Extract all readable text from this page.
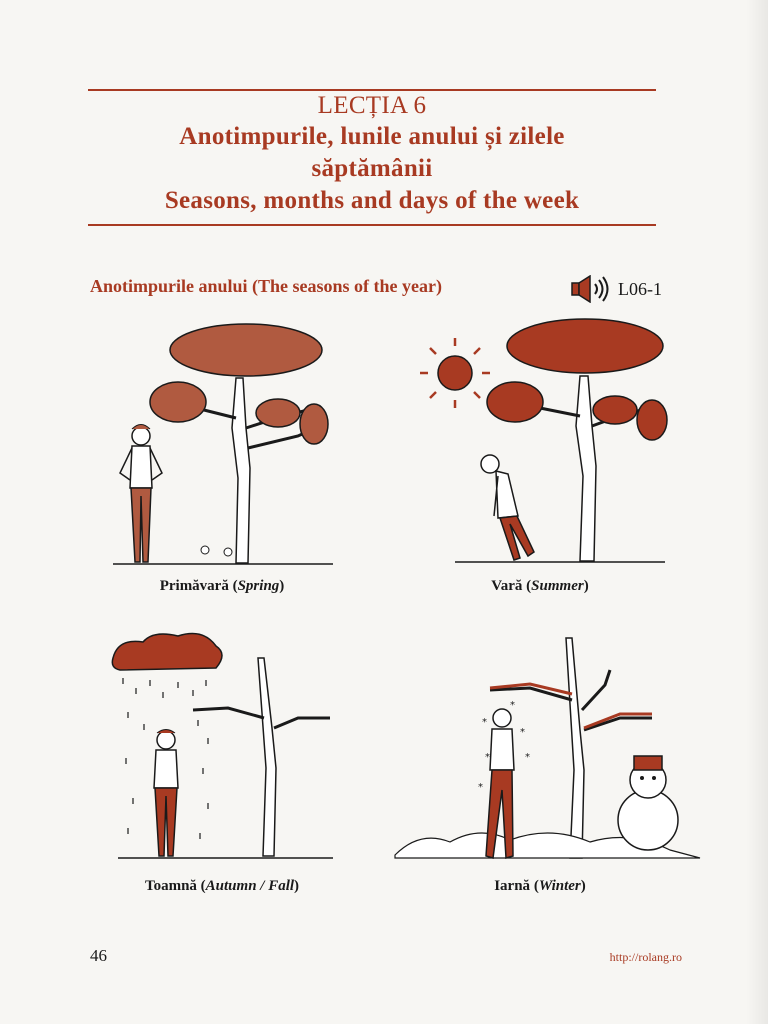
LECȚIA 6

Anotimpurile, lunile anului și zilele

săptămânii

Seasons, months and days of the week

Anotimpurile anului (The seasons of the year)	L06-1
Primăvară (Spring)	Vară (Summer)
Toamnă (Autumn / Fall)
*
*
*	*
*
*
Iarnă (Winter)
46	http://rolang.ro
